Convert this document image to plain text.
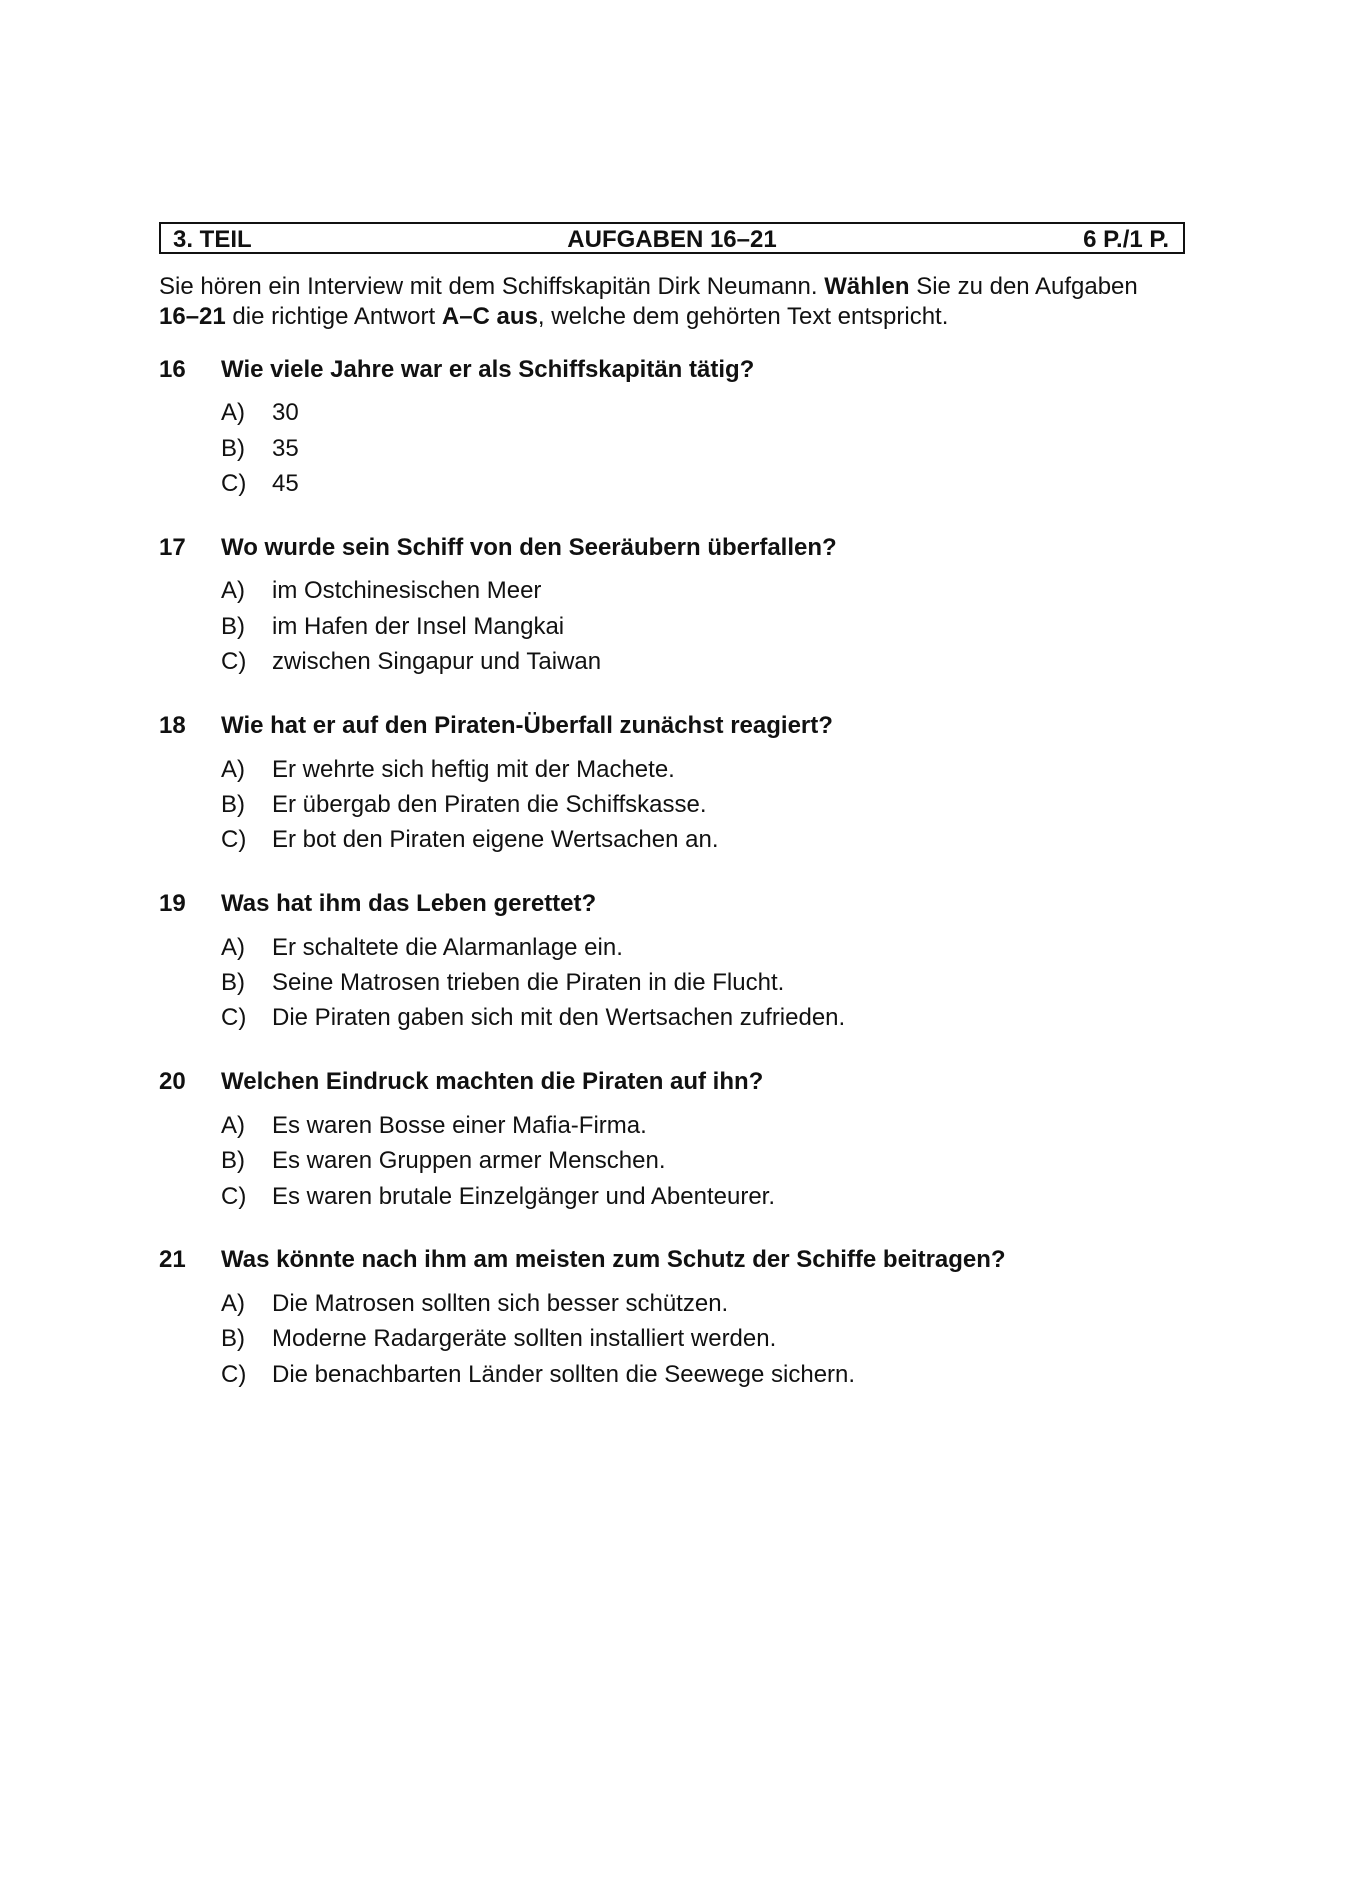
AUFGABEN 16–21
3. TEIL	6 P./1 P.
Sie hören ein Interview mit dem Schiffskapitän Dirk Neumann. Wählen Sie zu den Aufgaben
16–21 die richtige Antwort A–C aus, welche dem gehörten Text entspricht.
16 Wie viele Jahre war er als Schiffskapitän tätig?
A) 30
B) 35
C) 45
17 Wo wurde sein Schiff von den Seeräubern überfallen?
A) im Ostchinesischen Meer
B) im Hafen der Insel Mangkai
C) zwischen Singapur und Taiwan
18 Wie hat er auf den Piraten-Überfall zunächst reagiert?
A) Er wehrte sich heftig mit der Machete.
B) Er übergab den Piraten die Schiffskasse.
C) Er bot den Piraten eigene Wertsachen an.
19 Was hat ihm das Leben gerettet?
A) Er schaltete die Alarmanlage ein.
B) Seine Matrosen trieben die Piraten in die Flucht.
C) Die Piraten gaben sich mit den Wertsachen zufrieden.
20 Welchen Eindruck machten die Piraten auf ihn?
A) Es waren Bosse einer Mafia-Firma.
B) Es waren Gruppen armer Menschen.
C) Es waren brutale Einzelgänger und Abenteurer.
21 Was könnte nach ihm am meisten zum Schutz der Schiffe beitragen?
A) Die Matrosen sollten sich besser schützen.
B) Moderne Radargeräte sollten installiert werden.
C) Die benachbarten Länder sollten die Seewege sichern.
